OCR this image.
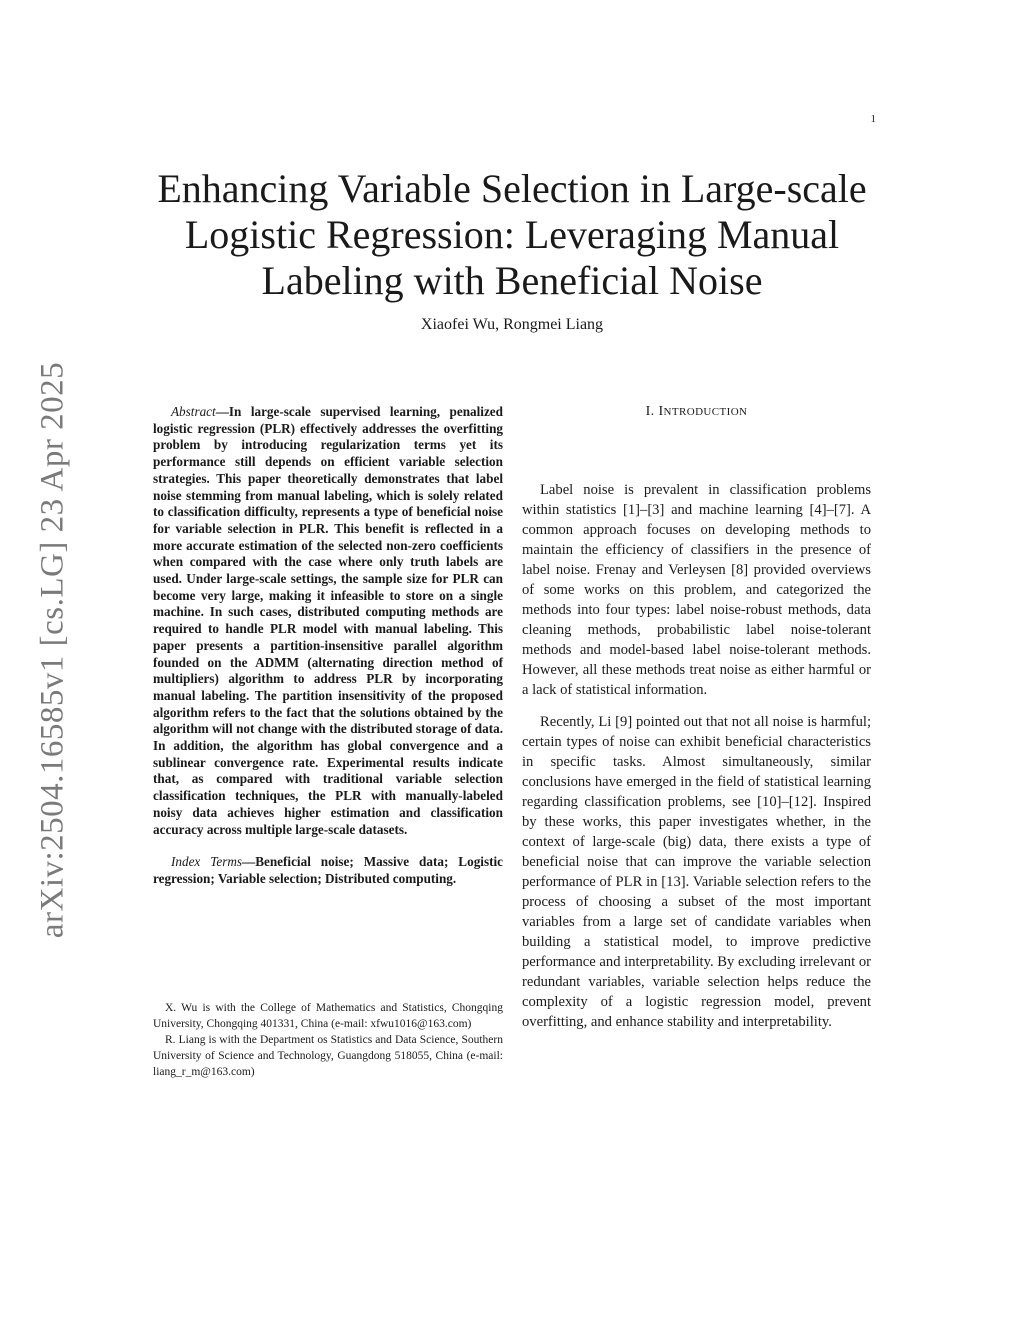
1
arXiv:2504.16585v1 [cs.LG] 23 Apr 2025
Enhancing Variable Selection in Large-scale Logistic Regression: Leveraging Manual Labeling with Beneficial Noise
Xiaofei Wu, Rongmei Liang

Abstract—In large-scale supervised learning, penalized logistic regression (PLR) effectively addresses the overfitting problem by introducing regularization terms yet its performance still depends on efficient variable selection strategies. This paper theoretically demonstrates that label noise stemming from manual labeling, which is solely related to classification difficulty, represents a type of beneficial noise for variable selection in PLR. This benefit is reflected in a more accurate estimation of the selected non-zero coefficients when compared with the case where only truth labels are used. Under large-scale settings, the sample size for PLR can become very large, making it infeasible to store on a single machine. In such cases, distributed computing methods are required to handle PLR model with manual labeling. This paper presents a partition-insensitive parallel algorithm founded on the ADMM (alternating direction method of multipliers) algorithm to address PLR by incorporating manual labeling. The partition insensitivity of the proposed algorithm refers to the fact that the solutions obtained by the algorithm will not change with the distributed storage of data. In addition, the algorithm has global convergence and a sublinear convergence rate. Experimental results indicate that, as compared with traditional variable selection classification techniques, the PLR with manually-labeled noisy data achieves higher estimation and classification accuracy across multiple large-scale datasets.

Index Terms—Beneficial noise; Massive data; Logistic regression; Variable selection; Distributed computing.

X. Wu is with the College of Mathematics and Statistics, Chongqing University, Chongqing 401331, China (e-mail: xfwu1016@163.com)

R. Liang is with the Department os Statistics and Data Science, Southern University of Science and Technology, Guangdong 518055, China (e-mail: liang_r_m@163.com)

I. INTRODUCTION

Label noise is prevalent in classification problems within statistics [1]–[3] and machine learning [4]–[7]. A common approach focuses on developing methods to maintain the efficiency of classifiers in the presence of label noise. Frenay and Verleysen [8] provided overviews of some works on this problem, and categorized the methods into four types: label noise-robust methods, data cleaning methods, probabilistic label noise-tolerant methods and model-based label noise-tolerant methods. However, all these methods treat noise as either harmful or a lack of statistical information.

Recently, Li [9] pointed out that not all noise is harmful; certain types of noise can exhibit beneficial characteristics in specific tasks. Almost simultaneously, similar conclusions have emerged in the field of statistical learning regarding classification problems, see [10]–[12]. Inspired by these works, this paper investigates whether, in the context of large-scale (big) data, there exists a type of beneficial noise that can improve the variable selection performance of PLR in [13]. Variable selection refers to the process of choosing a subset of the most important variables from a large set of candidate variables when building a statistical model, to improve predictive performance and interpretability. By excluding irrelevant or redundant variables, variable selection helps reduce the complexity of a logistic regression model, prevent overfitting, and enhance stability and interpretability.
